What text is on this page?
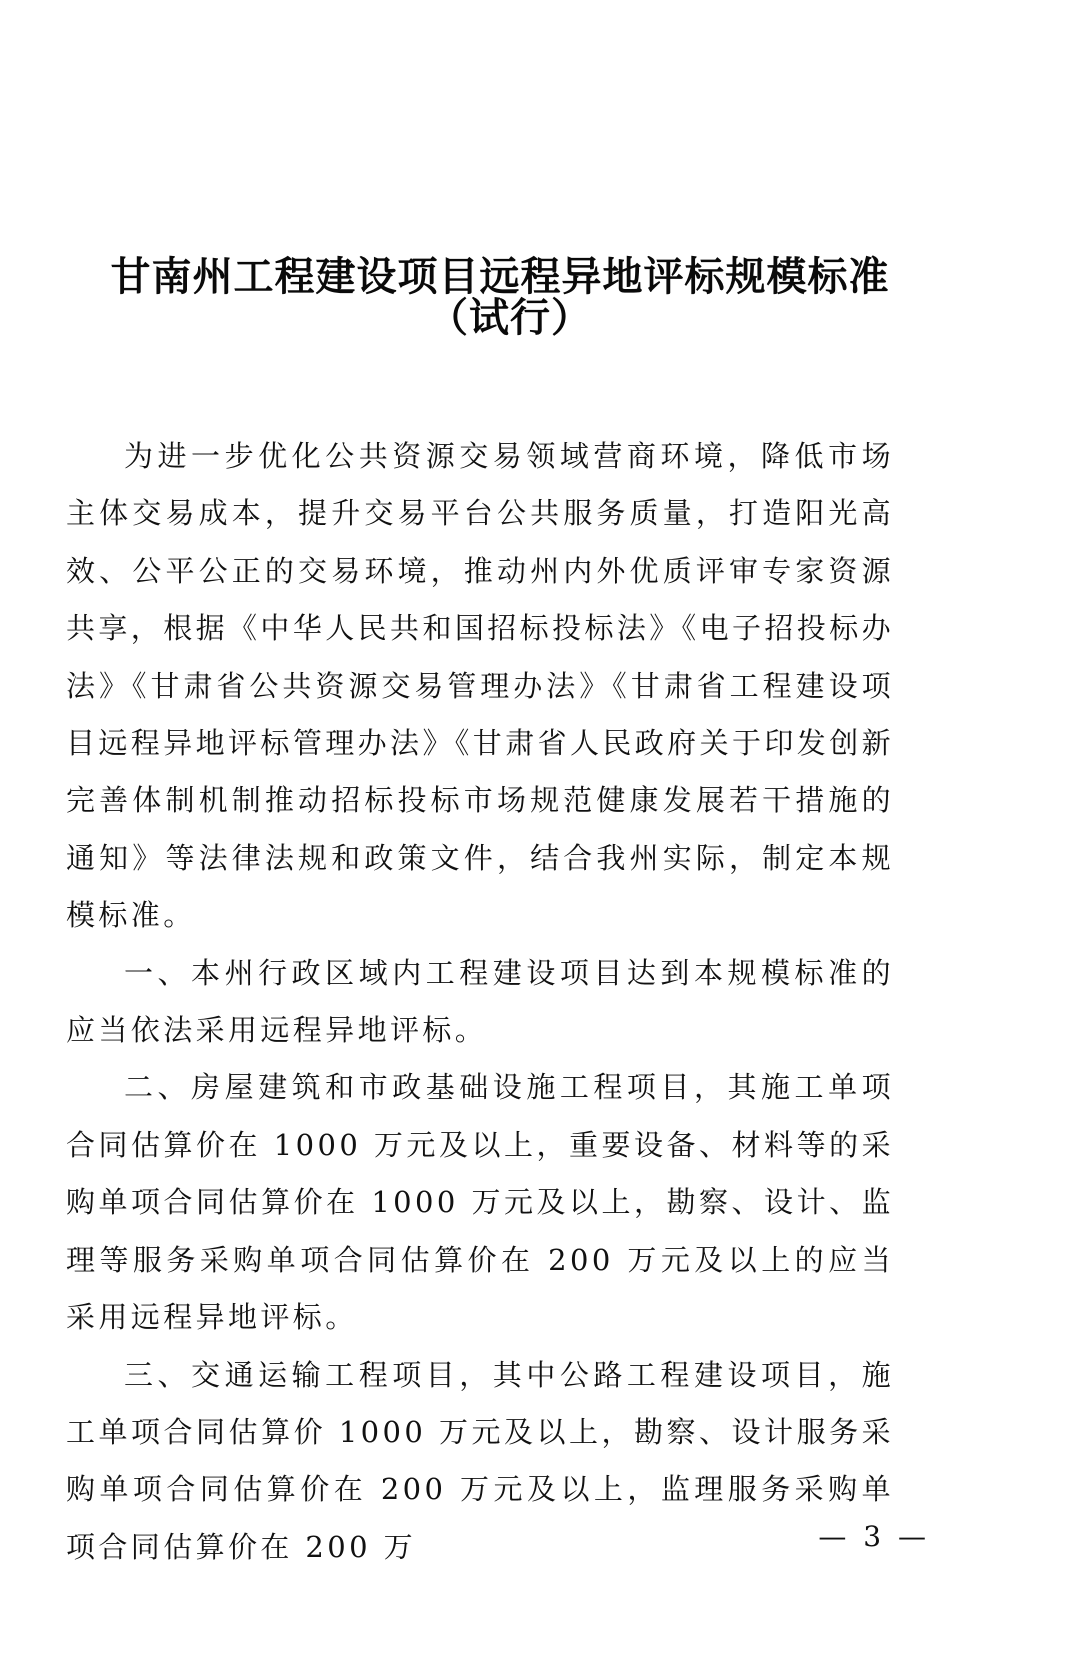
甘南州工程建设项目远程异地评标规模标准
（试行）

为进一步优化公共资源交易领域营商环境，降低市场主体交易成本，提升交易平台公共服务质量，打造阳光高效、公平公正的交易环境，推动州内外优质评审专家资源共享，根据《中华人民共和国招标投标法》《电子招投标办法》《甘肃省公共资源交易管理办法》《甘肃省工程建设项目远程异地评标管理办法》《甘肃省人民政府关于印发创新完善体制机制推动招标投标市场规范健康发展若干措施的通知》等法律法规和政策文件，结合我州实际，制定本规模标准。

一、本州行政区域内工程建设项目达到本规模标准的应当依法采用远程异地评标。

二、房屋建筑和市政基础设施工程项目，其施工单项合同估算价在 1000 万元及以上，重要设备、材料等的采购单项合同估算价在 1000 万元及以上，勘察、设计、监理等服务采购单项合同估算价在 200 万元及以上的应当采用远程异地评标。

三、交通运输工程项目，其中公路工程建设项目，施工单项合同估算价 1000 万元及以上，勘察、设计服务采购单项合同估算价在 200 万元及以上，监理服务采购单项合同估算价在 200 万	— 3 —
